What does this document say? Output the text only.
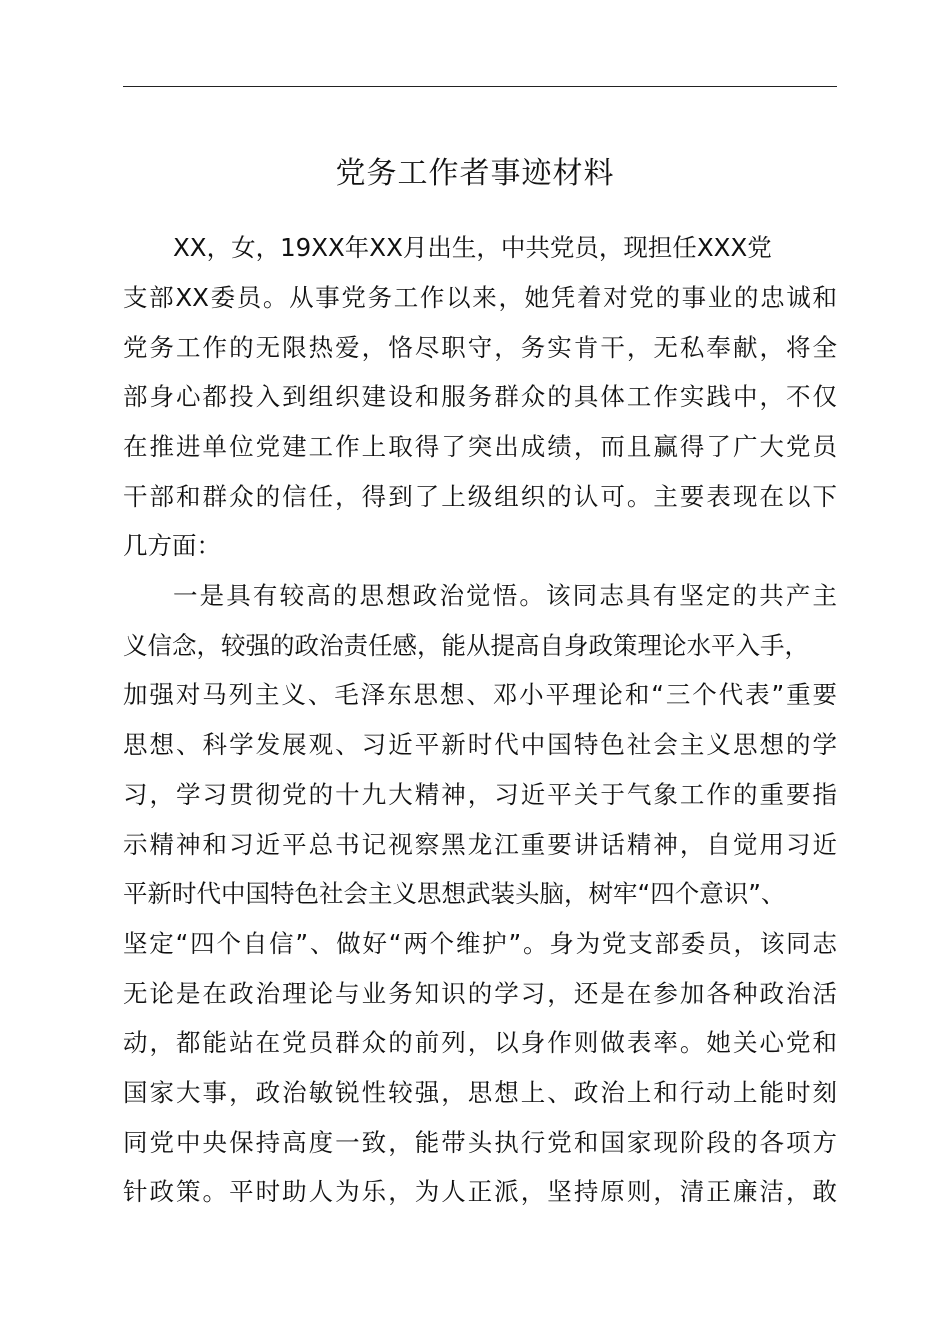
党务工作者事迹材料

XX，女，19XX年XX月出生，中共党员，现担任XXX党

支部XX委员。从事党务工作以来，她凭着对党的事业的忠诚和

党务工作的无限热爱，恪尽职守，务实肯干，无私奉献，将全

部身心都投入到组织建设和服务群众的具体工作实践中，不仅

在推进单位党建工作上取得了突出成绩，而且赢得了广大党员

干部和群众的信任，得到了上级组织的认可。主要表现在以下

几方面：

一是具有较高的思想政治觉悟。该同志具有坚定的共产主

义信念，较强的政治责任感，能从提高自身政策理论水平入手，

加强对马列主义、毛泽东思想、邓小平理论和“三个代表”重要

思想、科学发展观、习近平新时代中国特色社会主义思想的学

习，学习贯彻党的十九大精神，习近平关于气象工作的重要指

示精神和习近平总书记视察黑龙江重要讲话精神，自觉用习近

平新时代中国特色社会主义思想武装头脑，树牢“四个意识”、

坚定“四个自信”、做好“两个维护”。身为党支部委员，该同志

无论是在政治理论与业务知识的学习，还是在参加各种政治活

动，都能站在党员群众的前列，以身作则做表率。她关心党和

国家大事，政治敏锐性较强，思想上、政治上和行动上能时刻

同党中央保持高度一致，能带头执行党和国家现阶段的各项方

针政策。平时助人为乐，为人正派，坚持原则，清正廉洁，敢
